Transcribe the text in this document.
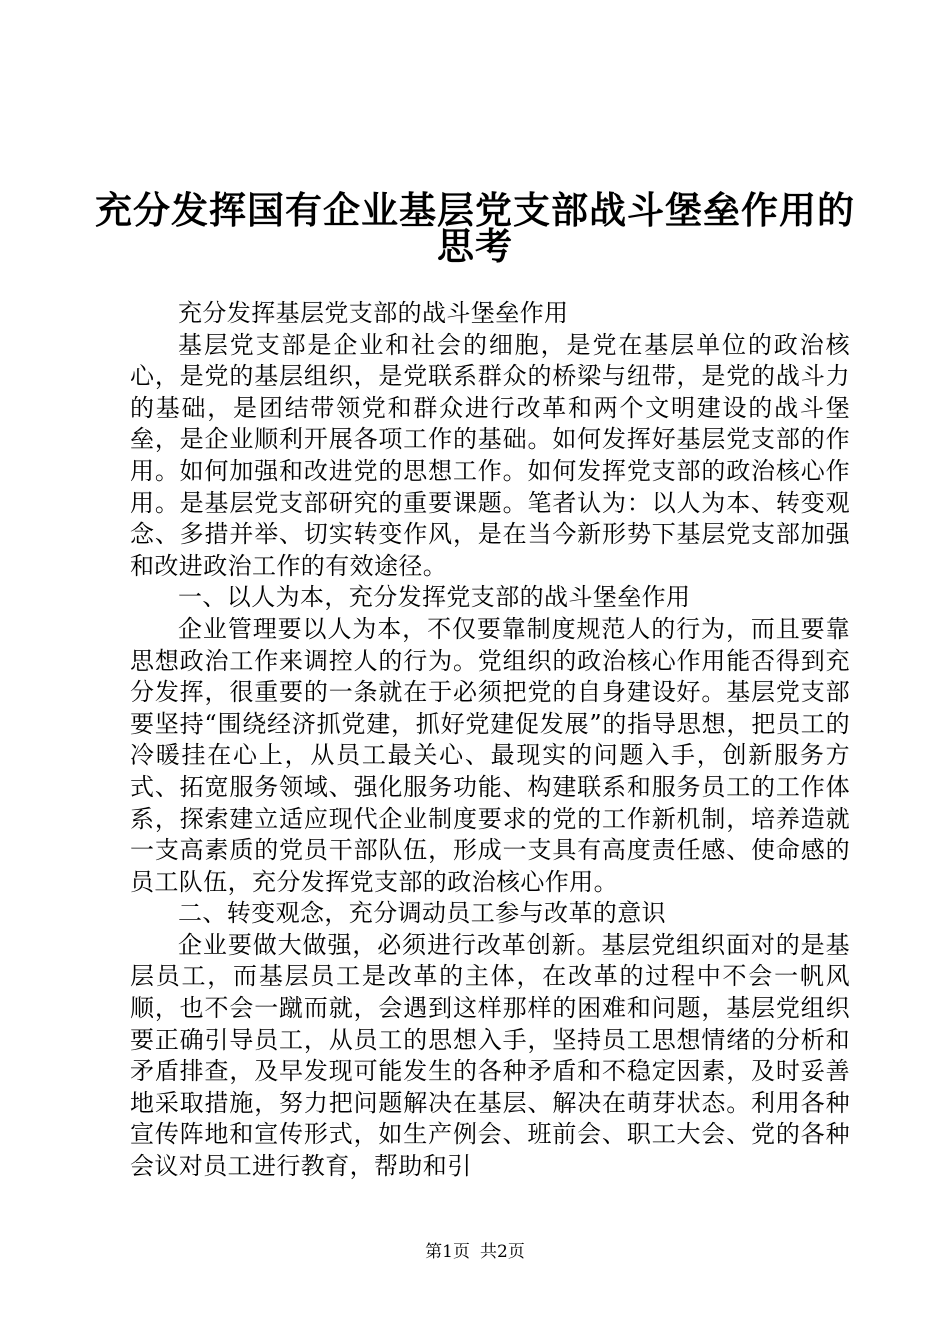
充分发挥国有企业基层党支部战斗堡垒作用的
思考

充分发挥基层党支部的战斗堡垒作用

基层党支部是企业和社会的细胞，是党在基层单位的政治核心，是党的基层组织，是党联系群众的桥梁与纽带，是党的战斗力的基础，是团结带领党和群众进行改革和两个文明建设的战斗堡垒，是企业顺利开展各项工作的基础。如何发挥好基层党支部的作用。如何加强和改进党的思想工作。如何发挥党支部的政治核心作用。是基层党支部研究的重要课题。笔者认为：以人为本、转变观念、多措并举、切实转变作风，是在当今新形势下基层党支部加强和改进政治工作的有效途径。

一、以人为本，充分发挥党支部的战斗堡垒作用

企业管理要以人为本，不仅要靠制度规范人的行为，而且要靠思想政治工作来调控人的行为。党组织的政治核心作用能否得到充分发挥，很重要的一条就在于必须把党的自身建设好。基层党支部要坚持“围绕经济抓党建，抓好党建促发展”的指导思想，把员工的冷暖挂在心上，从员工最关心、最现实的问题入手，创新服务方式、拓宽服务领域、强化服务功能、构建联系和服务员工的工作体系，探索建立适应现代企业制度要求的党的工作新机制，培养造就一支高素质的党员干部队伍，形成一支具有高度责任感、使命感的员工队伍，充分发挥党支部的政治核心作用。

二、转变观念，充分调动员工参与改革的意识

企业要做大做强，必须进行改革创新。基层党组织面对的是基层员工，而基层员工是改革的主体，在改革的过程中不会一帆风顺，也不会一蹴而就，会遇到这样那样的困难和问题，基层党组织要正确引导员工，从员工的思想入手，坚持员工思想情绪的分析和矛盾排查，及早发现可能发生的各种矛盾和不稳定因素，及时妥善地采取措施，努力把问题解决在基层、解决在萌芽状态。利用各种宣传阵地和宣传形式，如生产例会、班前会、职工大会、党的各种会议对员工进行教育，帮助和引

第1页 共2页
